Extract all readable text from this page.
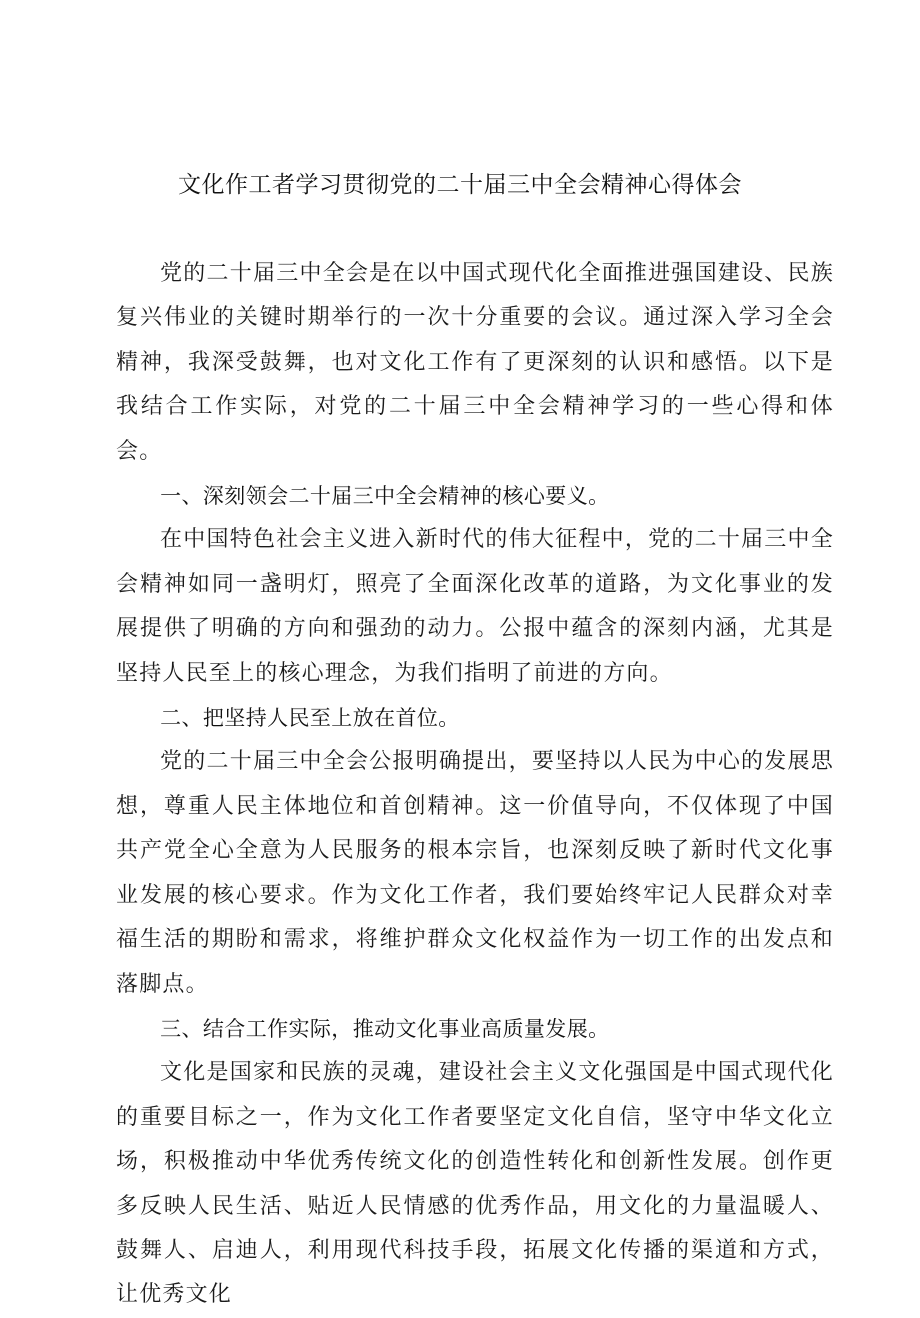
文化作工者学习贯彻党的二十届三中全会精神心得体会

党的二十届三中全会是在以中国式现代化全面推进强国建设、民族复兴伟业的关键时期举行的一次十分重要的会议。通过深入学习全会精神，我深受鼓舞，也对文化工作有了更深刻的认识和感悟。以下是我结合工作实际，对党的二十届三中全会精神学习的一些心得和体会。

一、深刻领会二十届三中全会精神的核心要义。

在中国特色社会主义进入新时代的伟大征程中，党的二十届三中全会精神如同一盏明灯，照亮了全面深化改革的道路，为文化事业的发展提供了明确的方向和强劲的动力。公报中蕴含的深刻内涵，尤其是坚持人民至上的核心理念，为我们指明了前进的方向。

二、把坚持人民至上放在首位。

党的二十届三中全会公报明确提出，要坚持以人民为中心的发展思想，尊重人民主体地位和首创精神。这一价值导向，不仅体现了中国共产党全心全意为人民服务的根本宗旨，也深刻反映了新时代文化事业发展的核心要求。作为文化工作者，我们要始终牢记人民群众对幸福生活的期盼和需求，将维护群众文化权益作为一切工作的出发点和落脚点。

三、结合工作实际，推动文化事业高质量发展。

文化是国家和民族的灵魂，建设社会主义文化强国是中国式现代化的重要目标之一，作为文化工作者要坚定文化自信，坚守中华文化立场，积极推动中华优秀传统文化的创造性转化和创新性发展。创作更多反映人民生活、贴近人民情感的优秀作品，用文化的力量温暖人、鼓舞人、启迪人，利用现代科技手段，拓展文化传播的渠道和方式，让优秀文化
